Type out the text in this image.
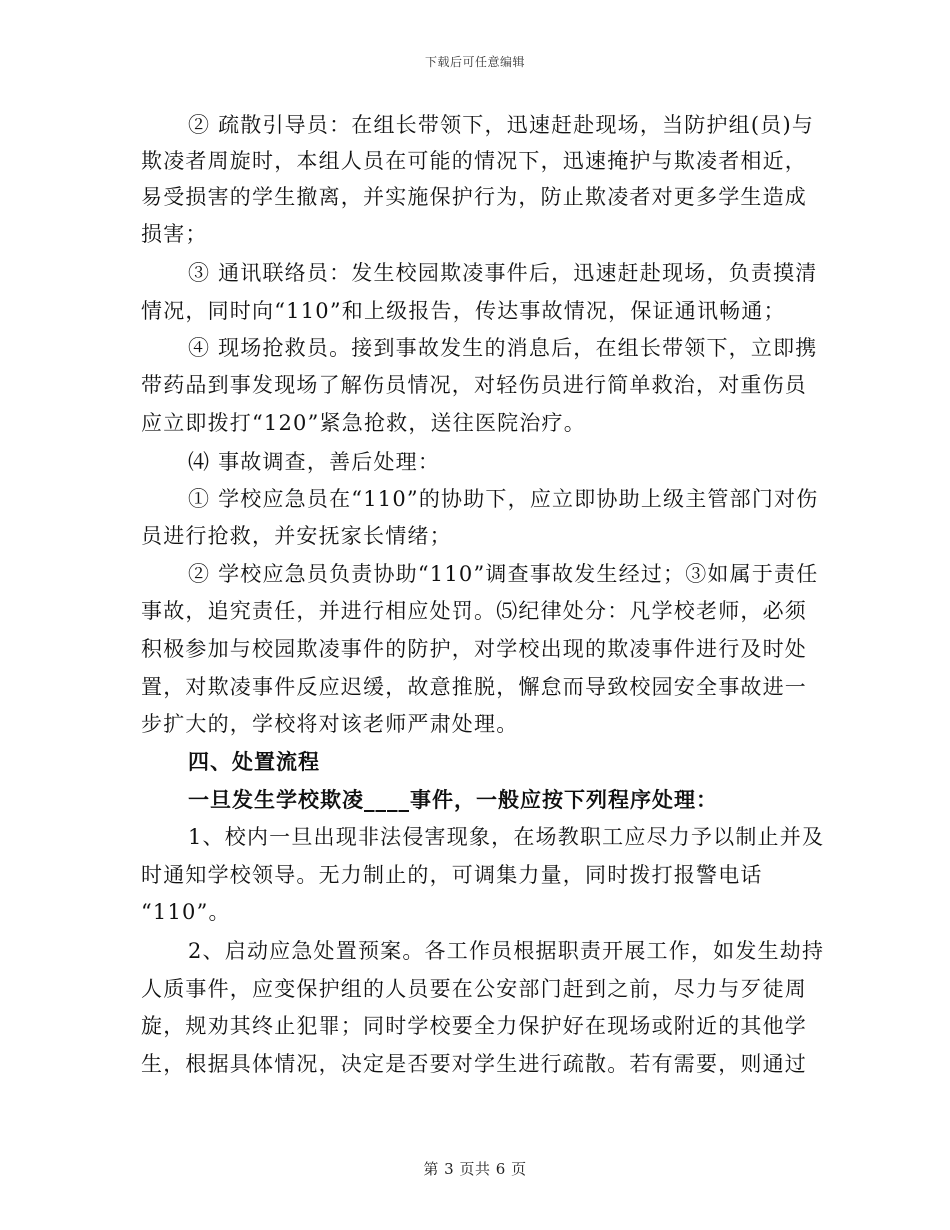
下载后可任意编辑
② 疏散引导员：在组长带领下，迅速赶赴现场，当防护组(员)与
欺凌者周旋时，本组人员在可能的情况下，迅速掩护与欺凌者相近，
易受损害的学生撤离，并实施保护行为，防止欺凌者对更多学生造成
损害；
③ 通讯联络员：发生校园欺凌事件后，迅速赶赴现场，负责摸清
情况，同时向“110”和上级报告，传达事故情况，保证通讯畅通；
④ 现场抢救员。接到事故发生的消息后，在组长带领下，立即携
带药品到事发现场了解伤员情况，对轻伤员进行简单救治，对重伤员
应立即拨打“120”紧急抢救，送往医院治疗。
⑷ 事故调查，善后处理：
① 学校应急员在“110”的协助下，应立即协助上级主管部门对伤
员进行抢救，并安抚家长情绪；
② 学校应急员负责协助“110”调查事故发生经过；③如属于责任
事故，追究责任，并进行相应处罚。⑸纪律处分：凡学校老师，必须
积极参加与校园欺凌事件的防护，对学校出现的欺凌事件进行及时处
置，对欺凌事件反应迟缓，故意推脱，懈怠而导致校园安全事故进一
步扩大的，学校将对该老师严肃处理。
四、处置流程
一旦发生学校欺凌____事件，一般应按下列程序处理：
1、校内一旦出现非法侵害现象，在场教职工应尽力予以制止并及
时通知学校领导。无力制止的，可调集力量，同时拨打报警电话
“110”。
2、启动应急处置预案。各工作员根据职责开展工作，如发生劫持
人质事件，应变保护组的人员要在公安部门赶到之前，尽力与歹徒周
旋，规劝其终止犯罪；同时学校要全力保护好在现场或附近的其他学
生，根据具体情况，决定是否要对学生进行疏散。若有需要，则通过
第 3 页共 6 页
